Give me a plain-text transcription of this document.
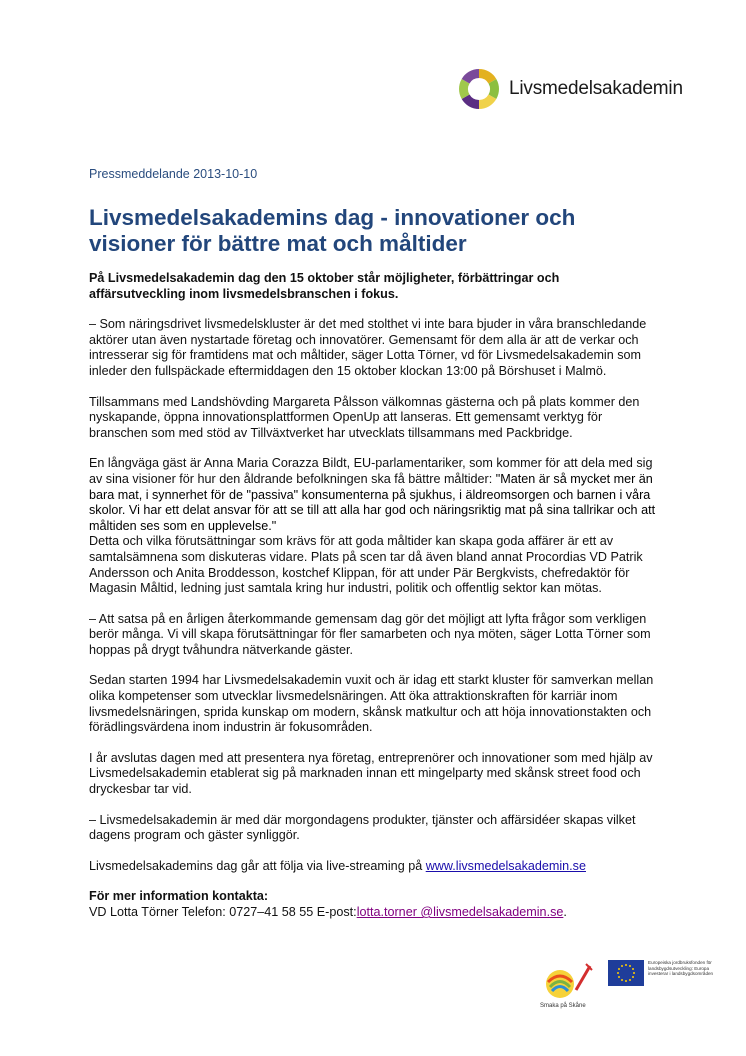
Livsmedelsakademin
Pressmeddelande 2013-10-10
Livsmedelsakademins dag - innovationer och visioner för bättre mat och måltider

På Livsmedelsakademin dag den 15 oktober står möjligheter, förbättringar och affärsutveckling inom livsmedelsbranschen i fokus.

– Som näringsdrivet livsmedelskluster är det med stolthet vi inte bara bjuder in våra branschledande aktörer utan även nystartade företag och innovatörer. Gemensamt för dem alla är att de verkar och intresserar sig för framtidens mat och måltider, säger Lotta Törner, vd för Livsmedelsakademin som inleder den fullspäckade eftermiddagen den 15 oktober klockan 13:00 på Börshuset i Malmö.

Tillsammans med Landshövding Margareta Pålsson välkomnas gästerna och på plats kommer den nyskapande, öppna innovationsplattformen OpenUp att lanseras. Ett gemensamt verktyg för branschen som med stöd av Tillväxtverket har utvecklats tillsammans med Packbridge.

En långväga gäst är Anna Maria Corazza Bildt, EU-parlamentariker, som kommer för att dela med sig av sina visioner för hur den åldrande befolkningen ska få bättre måltider: "Maten är så mycket mer än bara mat, i synnerhet för de "passiva" konsumenterna på sjukhus, i äldreomsorgen och barnen i våra skolor. Vi har ett delat ansvar för att se till att alla har god och näringsriktig mat på sina tallrikar och att måltiden ses som en upplevelse."

Detta och vilka förutsättningar som krävs för att goda måltider kan skapa goda affärer är ett av samtalsämnena som diskuteras vidare. Plats på scen tar då även bland annat Procordias VD Patrik Andersson och Anita Broddesson, kostchef Klippan, för att under Pär Bergkvists, chefredaktör för Magasin Måltid, ledning just samtala kring hur industri, politik och offentlig sektor kan mötas.

– Att satsa på en årligen återkommande gemensam dag gör det möjligt att lyfta frågor som verkligen berör många. Vi vill skapa förutsättningar för fler samarbeten och nya möten, säger Lotta Törner som hoppas på drygt tvåhundra nätverkande gäster.

Sedan starten 1994 har Livsmedelsakademin vuxit och är idag ett starkt kluster för samverkan mellan olika kompetenser som utvecklar livsmedelsnäringen. Att öka attraktionskraften för karriär inom livsmedelsnäringen, sprida kunskap om modern, skånsk matkultur och att höja innovationstakten och förädlingsvärdena inom industrin är fokusområden.

I år avslutas dagen med att presentera nya företag, entreprenörer och innovationer som med hjälp av Livsmedelsakademin etablerat sig på marknaden innan ett mingelparty med skånsk street food och dryckesbar tar vid.

– Livsmedelsakademin är med där morgondagens produkter, tjänster och affärsidéer skapas vilket dagens program och gäster synliggör.

Livsmedelsakademins dag går att följa via live-streaming på www.livsmedelsakademin.se

För mer information kontakta:
VD Lotta Törner Telefon: 0727–41 58 55 E-post:lotta.torner @livsmedelsakademin.se.

Smaka på Skåne
Europeiska jordbruksfonden för landsbygdsutveckling: Europa investerar i landsbygdsområden
